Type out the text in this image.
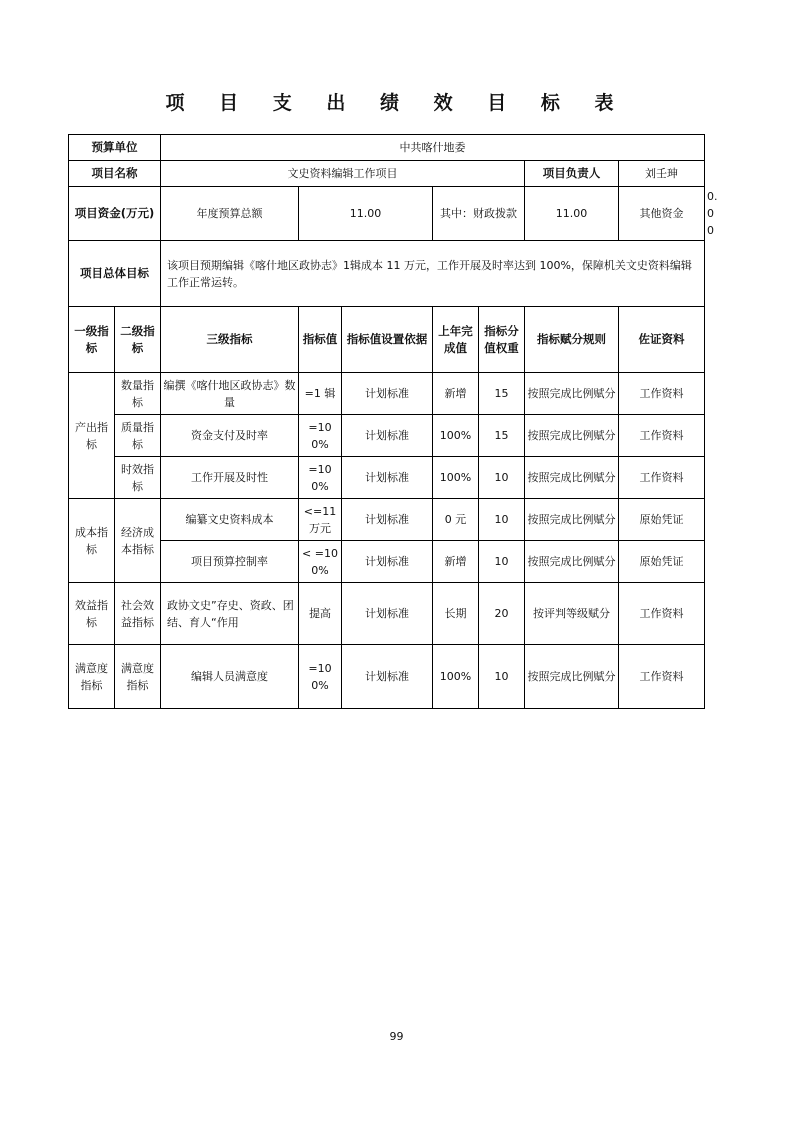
项 目 支 出 绩 效 目 标 表
预算单位		中共喀什地委							
项目名称		文史资料编辑工作项目					项目负责人	刘壬珅	
项目资金(万元)		年度预算总额	11.00		其中：财政拨款		11.00	其他资金	0.00
项目总体目标		该项目预期编辑《喀什地区政协志》1辑成本 11 万元，工作开展及时率达到 100%，保障机关文史资料编辑工作正常运转。							
一级指标	二级指标	三级指标	指标值	指标值设置依据	上年完成值	指标分值权重	指标赋分规则	佐证资料	
产出指标	数量指标	编撰《喀什地区政协志》数量	=1 辑	计划标准	新增	15	按照完成比例赋分	工作资料	
	质量指标	资金支付及时率	=100%	计划标准	100%	15	按照完成比例赋分	工作资料	
	时效指标	工作开展及时性	=100%	计划标准	100%	10	按照完成比例赋分	工作资料	
成本指标	经济成本指标	编纂文史资料成本	<=11 万元	计划标准	0 元	10	按照完成比例赋分	原始凭证	
		项目预算控制率	< =100%	计划标准	新增	10	按照完成比例赋分	原始凭证	
效益指标	社会效益指标	政协文史”存史、资政、团结、育人“作用	提高	计划标准	长期	20	按评判等级赋分	工作资料	
满意度指标	满意度指标	编辑人员满意度	=100%	计划标准	100%	10	按照完成比例赋分	工作资料	
99
